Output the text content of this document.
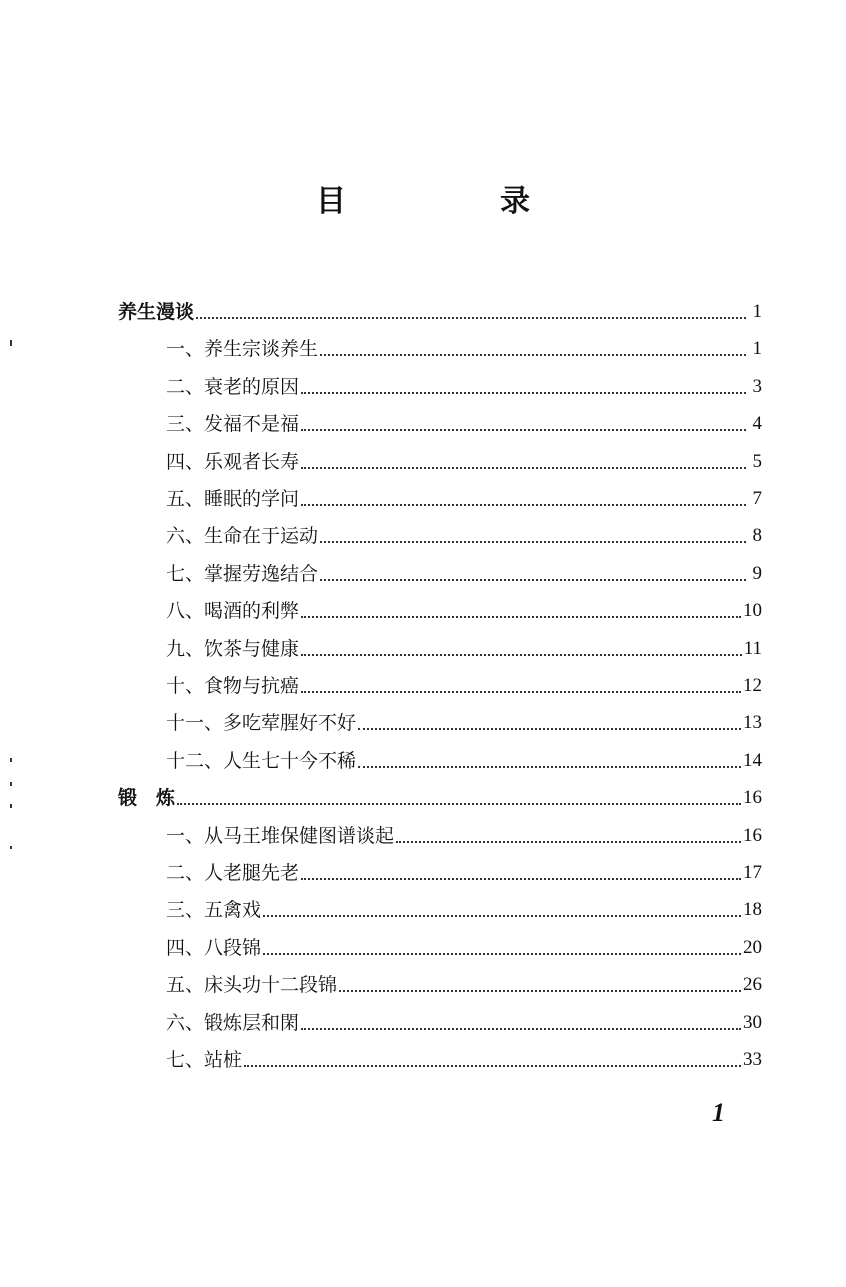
目　录
养生漫谈	1
一、养生宗谈养生	1
二、衰老的原因	3
三、发福不是福	4
四、乐观者长寿	5
五、睡眠的学问	7
六、生命在于运动	8
七、掌握劳逸结合	9
八、喝酒的利弊	10
九、饮茶与健康	11
十、食物与抗癌	12
十一、多吃荤腥好不好	13
十二、人生七十今不稀	14
锻　炼	16
一、从马王堆保健图谱谈起	16
二、人老腿先老	17
三、五禽戏	18
四、八段锦	20
五、床头功十二段锦	26
六、锻炼层和閑	30
七、站桩	33
1
